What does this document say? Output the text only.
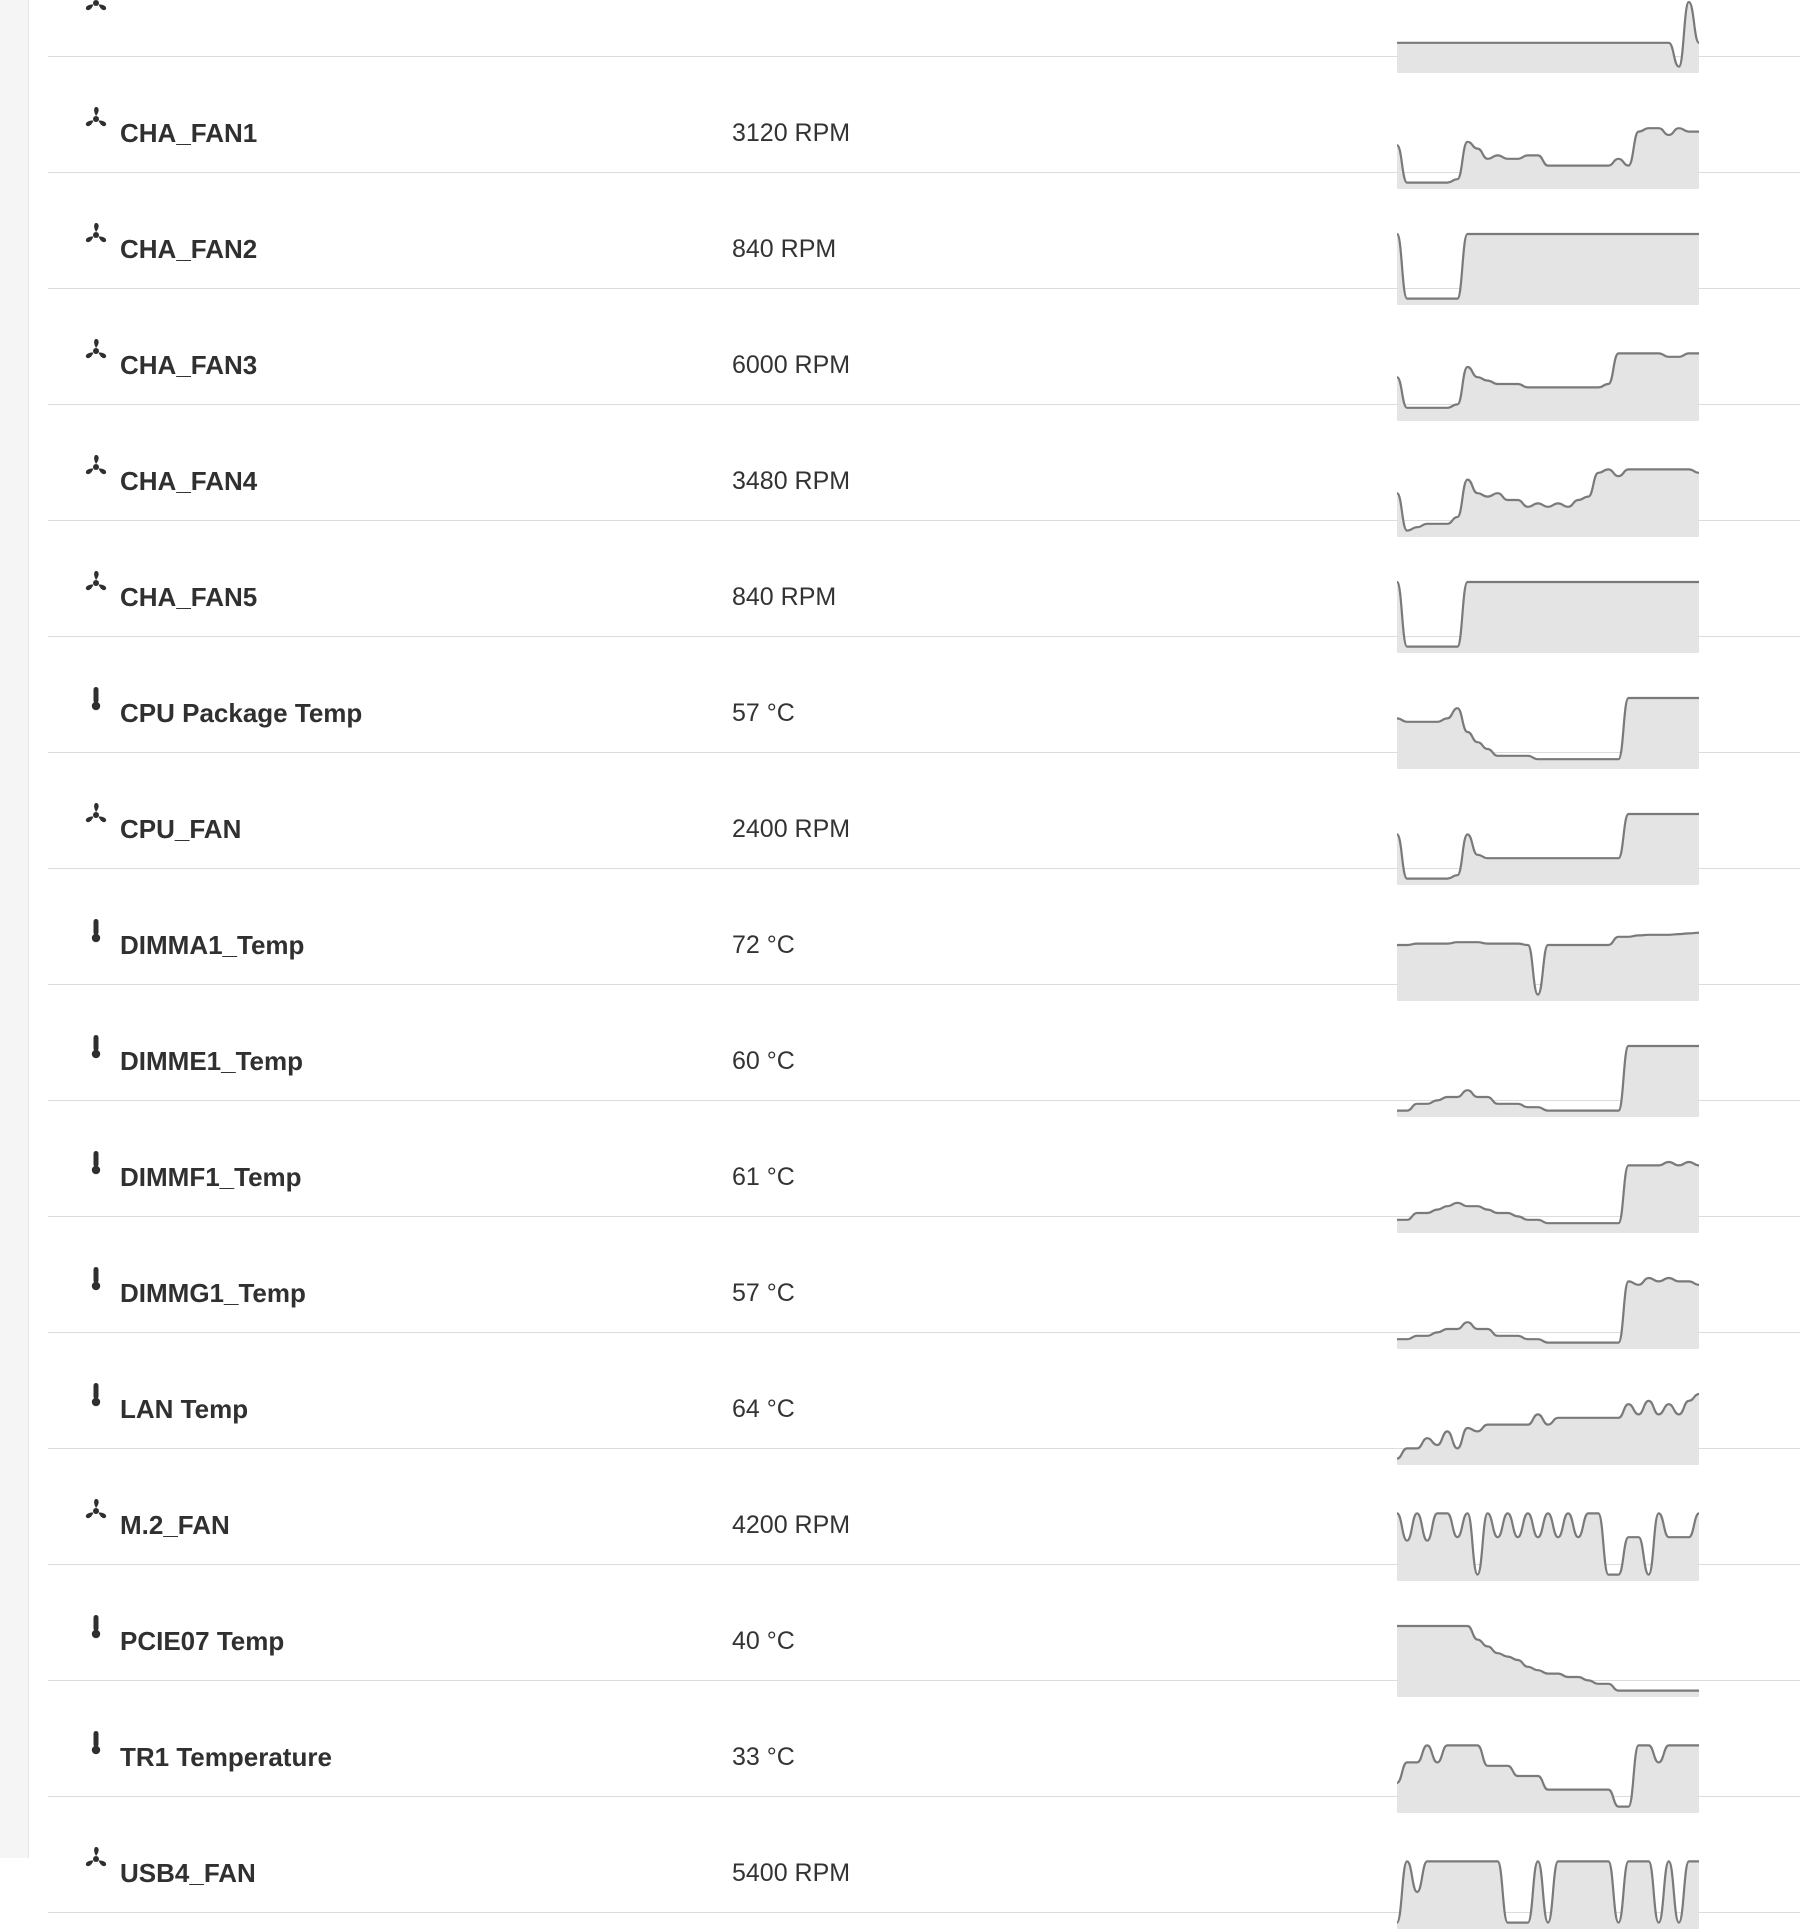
CHA_FAN1	3120 RPM
CHA_FAN2	840 RPM
CHA_FAN3	6000 RPM
CHA_FAN4	3480 RPM
CHA_FAN5	840 RPM
CPU Package Temp	57 °C
CPU_FAN	2400 RPM
DIMMA1_Temp	72 °C
DIMME1_Temp	60 °C
DIMMF1_Temp	61 °C
DIMMG1_Temp	57 °C
LAN Temp	64 °C
M.2_FAN	4200 RPM
PCIE07 Temp	40 °C
TR1 Temperature	33 °C
USB4_FAN	5400 RPM
